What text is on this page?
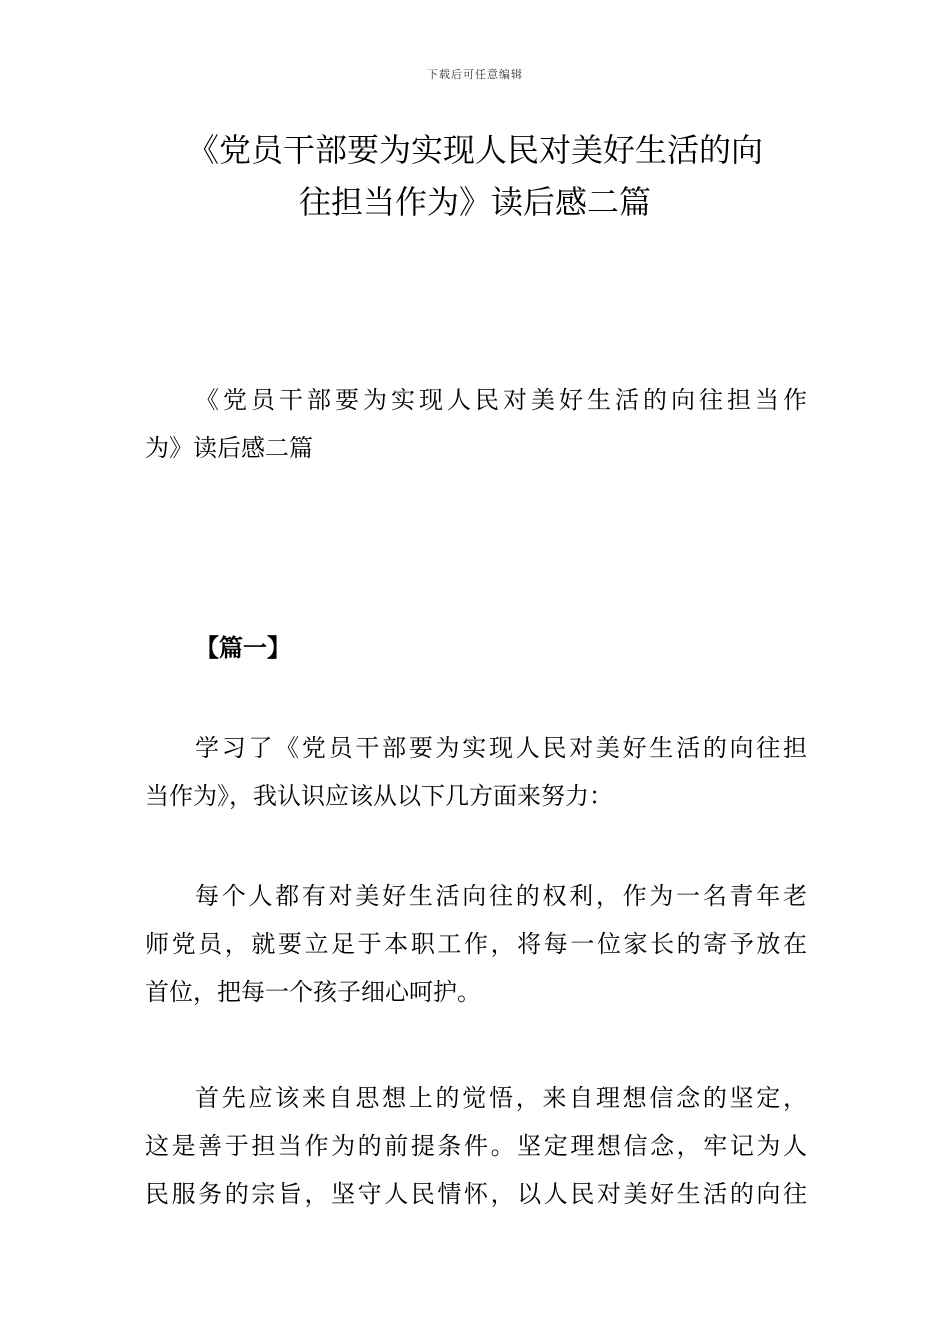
下载后可任意编辑
《党员干部要为实现人民对美好生活的向
往担当作为》读后感二篇

《党员干部要为实现人民对美好生活的向往担当作
为》读后感二篇

【篇一】

学习了《党员干部要为实现人民对美好生活的向往担
当作为》，我认识应该从以下几方面来努力：

每个人都有对美好生活向往的权利，作为一名青年老
师党员，就要立足于本职工作，将每一位家长的寄予放在
首位，把每一个孩子细心呵护。

首先应该来自思想上的觉悟，来自理想信念的坚定，
这是善于担当作为的前提条件。坚定理想信念，牢记为人
民服务的宗旨，坚守人民情怀，以人民对美好生活的向往
